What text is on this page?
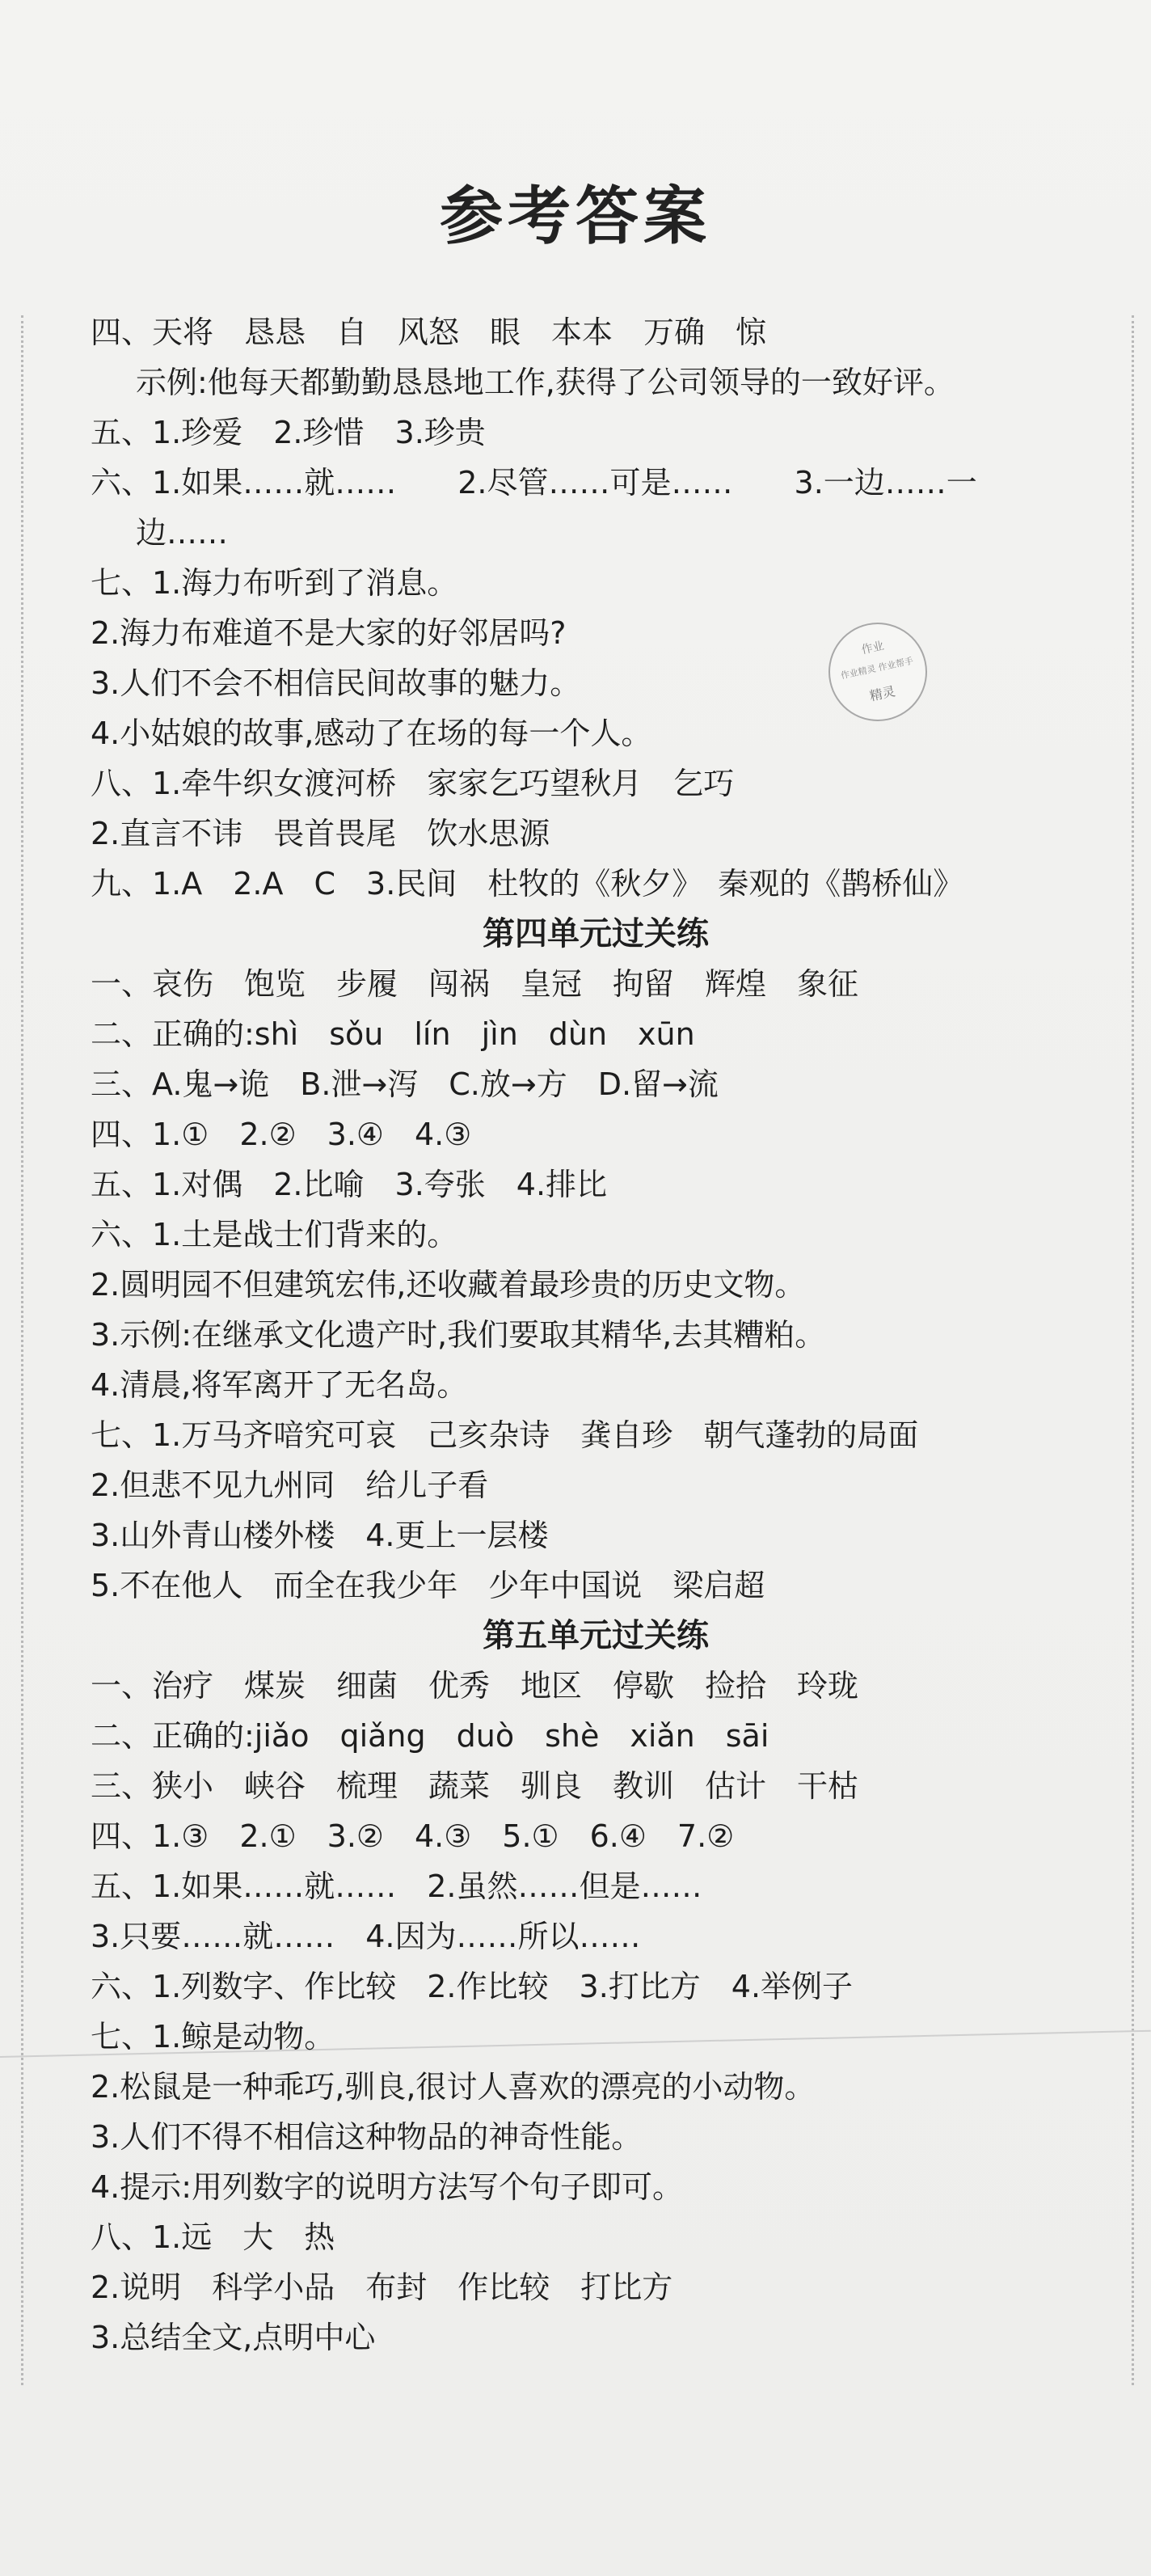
参考答案
作业
作业精灵 作业帮手
精灵
四、天将　恳恳　自　风怒　眼　本本　万确　惊
示例:他每天都勤勤恳恳地工作,获得了公司领导的一致好评。
五、1.珍爱　2.珍惜　3.珍贵
六、1.如果……就……　　2.尽管……可是……　　3.一边……一
边……
七、1.海力布听到了消息。
2.海力布难道不是大家的好邻居吗?
3.人们不会不相信民间故事的魅力。
4.小姑娘的故事,感动了在场的每一个人。
八、1.牵牛织女渡河桥　家家乞巧望秋月　乞巧
2.直言不讳　畏首畏尾　饮水思源
九、1.A　2.A　C　3.民间　杜牧的《秋夕》　秦观的《鹊桥仙》
第四单元过关练
一、哀伤　饱览　步履　闯祸　皇冠　拘留　辉煌　象征
二、正确的:shì　sǒu　lín　jìn　dùn　xūn
三、A.鬼→诡　B.泄→泻　C.放→方　D.留→流
四、1.①　2.②　3.④　4.③
五、1.对偶　2.比喻　3.夸张　4.排比
六、1.土是战士们背来的。
2.圆明园不但建筑宏伟,还收藏着最珍贵的历史文物。
3.示例:在继承文化遗产时,我们要取其精华,去其糟粕。
4.清晨,将军离开了无名岛。
七、1.万马齐喑究可哀　己亥杂诗　龚自珍　朝气蓬勃的局面
2.但悲不见九州同　给儿子看
3.山外青山楼外楼　4.更上一层楼
5.不在他人　而全在我少年　少年中国说　梁启超
第五单元过关练
一、治疗　煤炭　细菌　优秀　地区　停歇　捡拾　玲珑
二、正确的:jiǎo　qiǎng　duò　shè　xiǎn　sāi
三、狭小　峡谷　梳理　蔬菜　驯良　教训　估计　干枯
四、1.③　2.①　3.②　4.③　5.①　6.④　7.②
五、1.如果……就……　2.虽然……但是……
3.只要……就……　4.因为……所以……
六、1.列数字、作比较　2.作比较　3.打比方　4.举例子
七、1.鲸是动物。
2.松鼠是一种乖巧,驯良,很讨人喜欢的漂亮的小动物。
3.人们不得不相信这种物品的神奇性能。
4.提示:用列数字的说明方法写个句子即可。
八、1.远　大　热
2.说明　科学小品　布封　作比较　打比方
3.总结全文,点明中心
